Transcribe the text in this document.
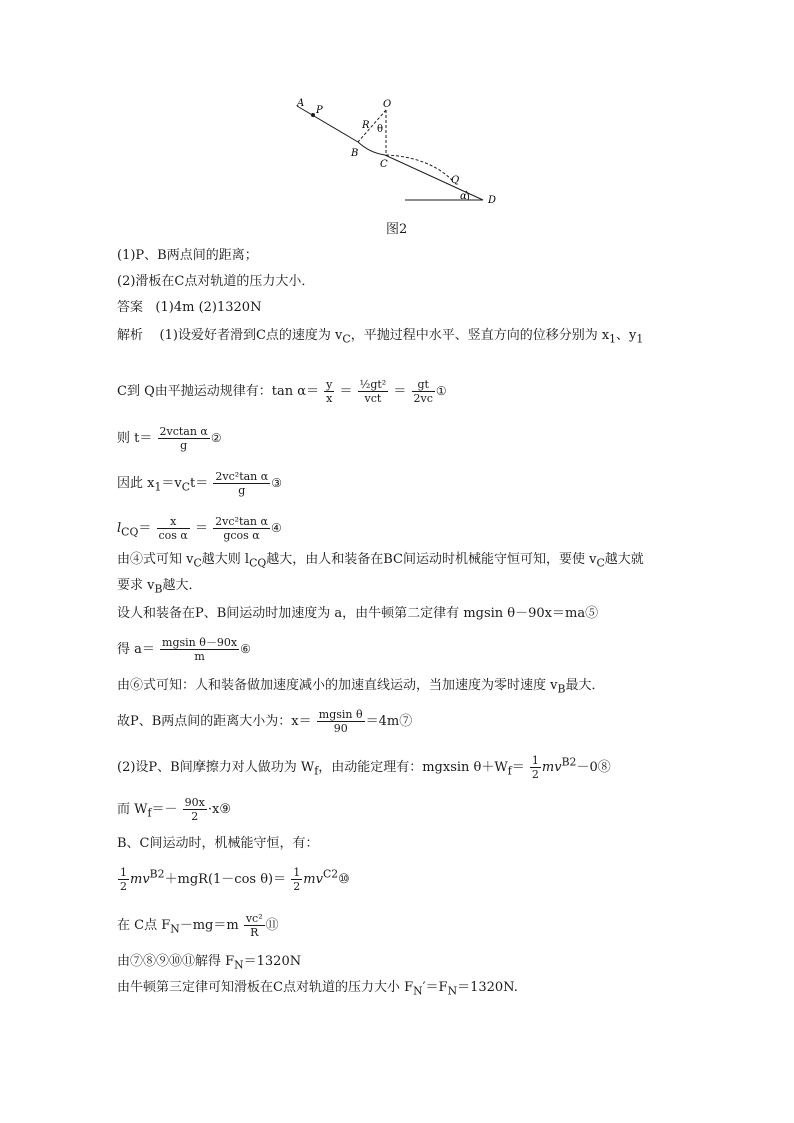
A
P
O
R θ
B
C
Q
α D
图2
(1)P、B两点间的距离；
(2)滑板在C点对轨道的压力大小．
答案 (1)4m (2)1320N
解析 (1)设爱好者滑到C点的速度为 $v_C$，平抛过程中水平、竖直方向的位移分别为 $x_1$、$y_1$
C到 Q由平抛运动规律有：$\tan \alpha= \frac{y}{x} = \frac{\text{½gt²}}{\text{vct}} = \frac{gt}{2vc}$ ①
则 $t= \frac{\text{2vctan α}}{g}$ ②
因此 $x_1=v_Ct= \frac{\text{2vc²tan α}}{g}$ ③
$l_{CQ}= \frac{x}{\text{cos α}} = \frac{\text{2vc²tan α}}{\text{gcos α}}$ ④
由④式可知 $v_C$越大则 $l_{CQ}$越大，由人和装备在BC间运动时机械能守恒可知，要使 $v_C$越大就
要求 $v_B$越大．
设人和装备在P、B间运动时加速度为 a，由牛顿第二定律有 mgsin θ－90x＝ma⑤
得 $a= \frac{\text{mgsin θ－90x}}{m}$ ⑥
由⑥式可知：人和装备做加速度减小的加速直线运动，当加速度为零时速度 $v_B$最大．
故P、B两点间的距离大小为：$x= \frac{\text{mgsin θ}}{90}$ ＝4m⑦
(2)设P、B间摩擦力对人做功为 $W_f$，由动能定理有：mgxsin $\theta+W_f= \frac{1}{2}$ $mv^{B2}-0⑧$
而 $W_f=- \frac{90x}{2}$ ·x⑨
B、C间运动时，机械能守恒，有：
$\frac{1}{2} mv^{B2}+mgR(1-\cos$ $\theta)= \frac{1}{2}$ $mv^{C2}⑩$
在 C点 $F_N-mg=m \frac{\text{vc²}}{R}$ ⑪
由⑦⑧⑨⑩⑪解得 $F_N=1320N$
由牛顿第三定律可知滑板在C点对轨道的压力大小 $F_N'=F_N=1320N$.
